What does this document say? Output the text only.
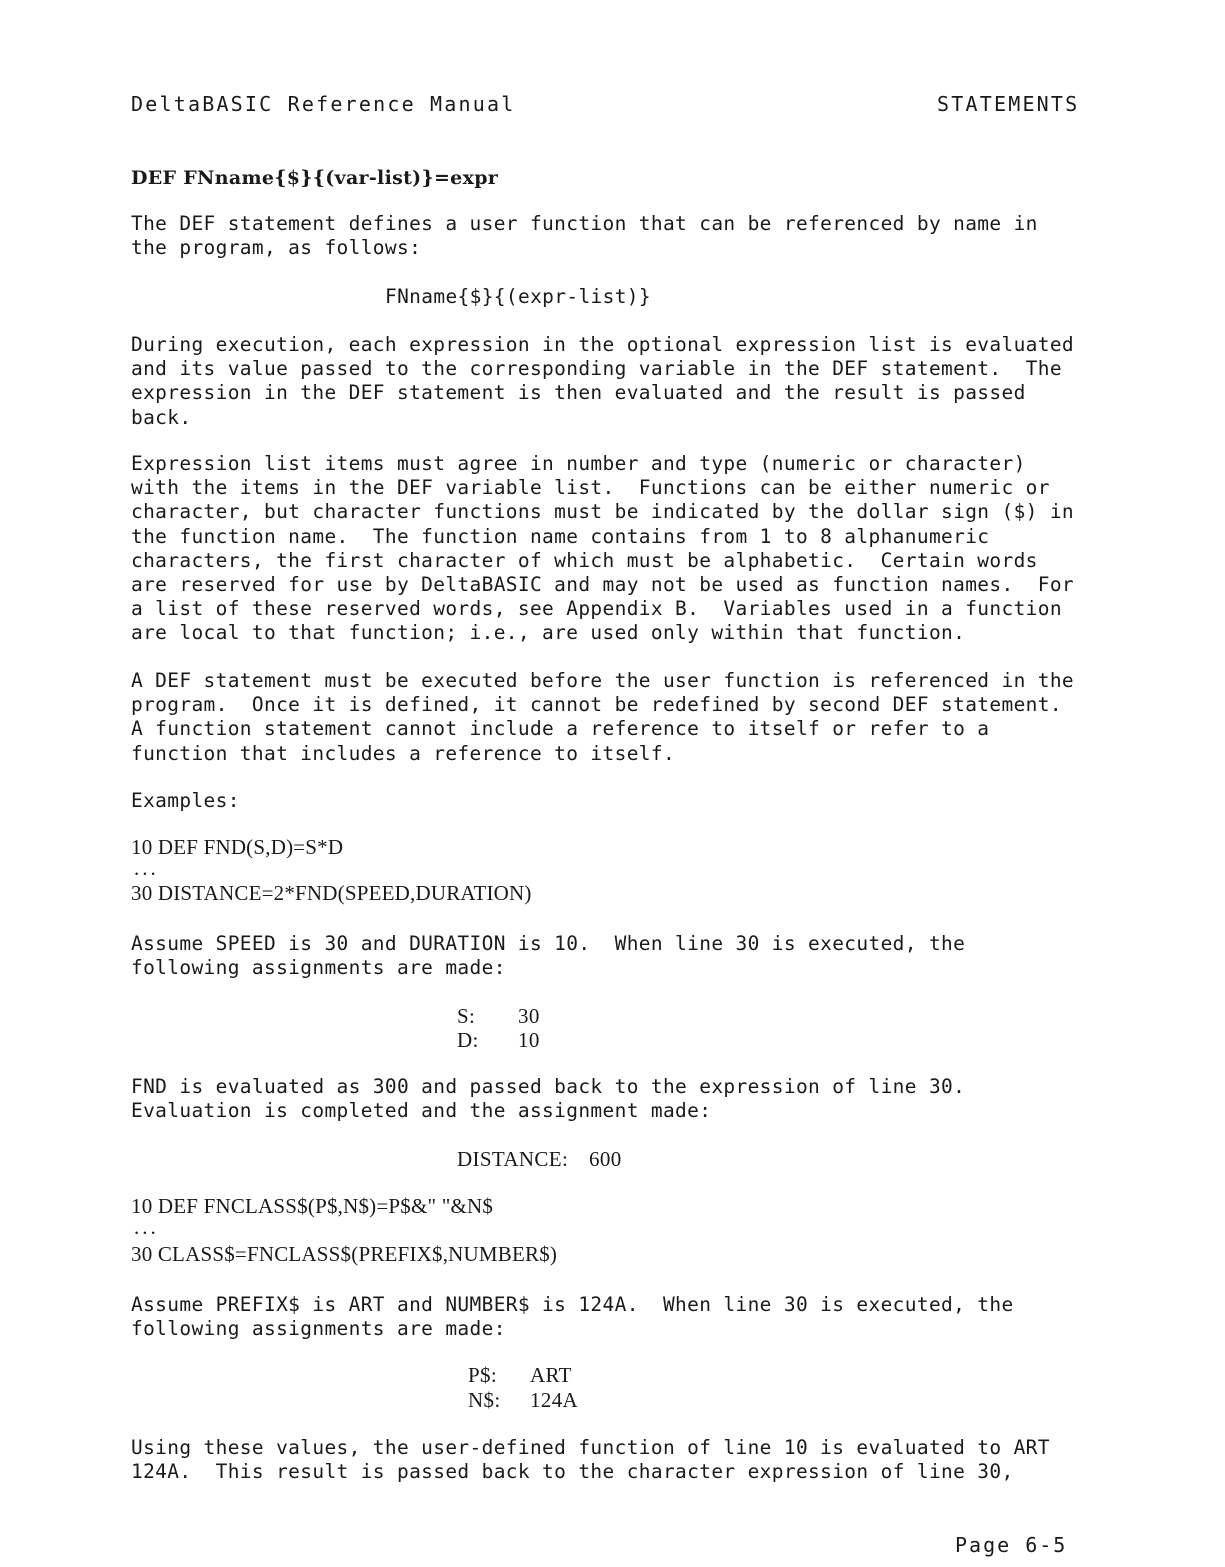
DeltaBASIC Reference Manual	STATEMENTS
DEF FNname{$}{(var-list)}=expr
The DEF statement defines a user function that can be referenced by name in
the program, as follows:
FNname{$}{(expr-list)}
During execution, each expression in the optional expression list is evaluated
and its value passed to the corresponding variable in the DEF statement.  The
expression in the DEF statement is then evaluated and the result is passed
back.
Expression list items must agree in number and type (numeric or character)
with the items in the DEF variable list.  Functions can be either numeric or
character, but character functions must be indicated by the dollar sign ($) in
the function name.  The function name contains from 1 to 8 alphanumeric
characters, the first character of which must be alphabetic.  Certain words
are reserved for use by DeltaBASIC and may not be used as function names.  For
a list of these reserved words, see Appendix B.  Variables used in a function
are local to that function; i.e., are used only within that function.
A DEF statement must be executed before the user function is referenced in the
program.  Once it is defined, it cannot be redefined by second DEF statement.
A function statement cannot include a reference to itself or refer to a
function that includes a reference to itself.
Examples:
10 DEF FND(S,D)=S*D
...
30 DISTANCE=2*FND(SPEED,DURATION)
Assume SPEED is 30 and DURATION is 10.  When line 30 is executed, the
following assignments are made:
S: 30
D: 10
FND is evaluated as 300 and passed back to the expression of line 30.
Evaluation is completed and the assignment made:
DISTANCE: 600
10 DEF FNCLASS$(P$,N$)=P$&" "&N$
...
30 CLASS$=FNCLASS$(PREFIX$,NUMBER$)
Assume PREFIX$ is ART and NUMBER$ is 124A.  When line 30 is executed, the
following assignments are made:
P$: ART
N$: 124A
Using these values, the user-defined function of line 10 is evaluated to ART
124A.  This result is passed back to the character expression of line 30,
Page 6-5
